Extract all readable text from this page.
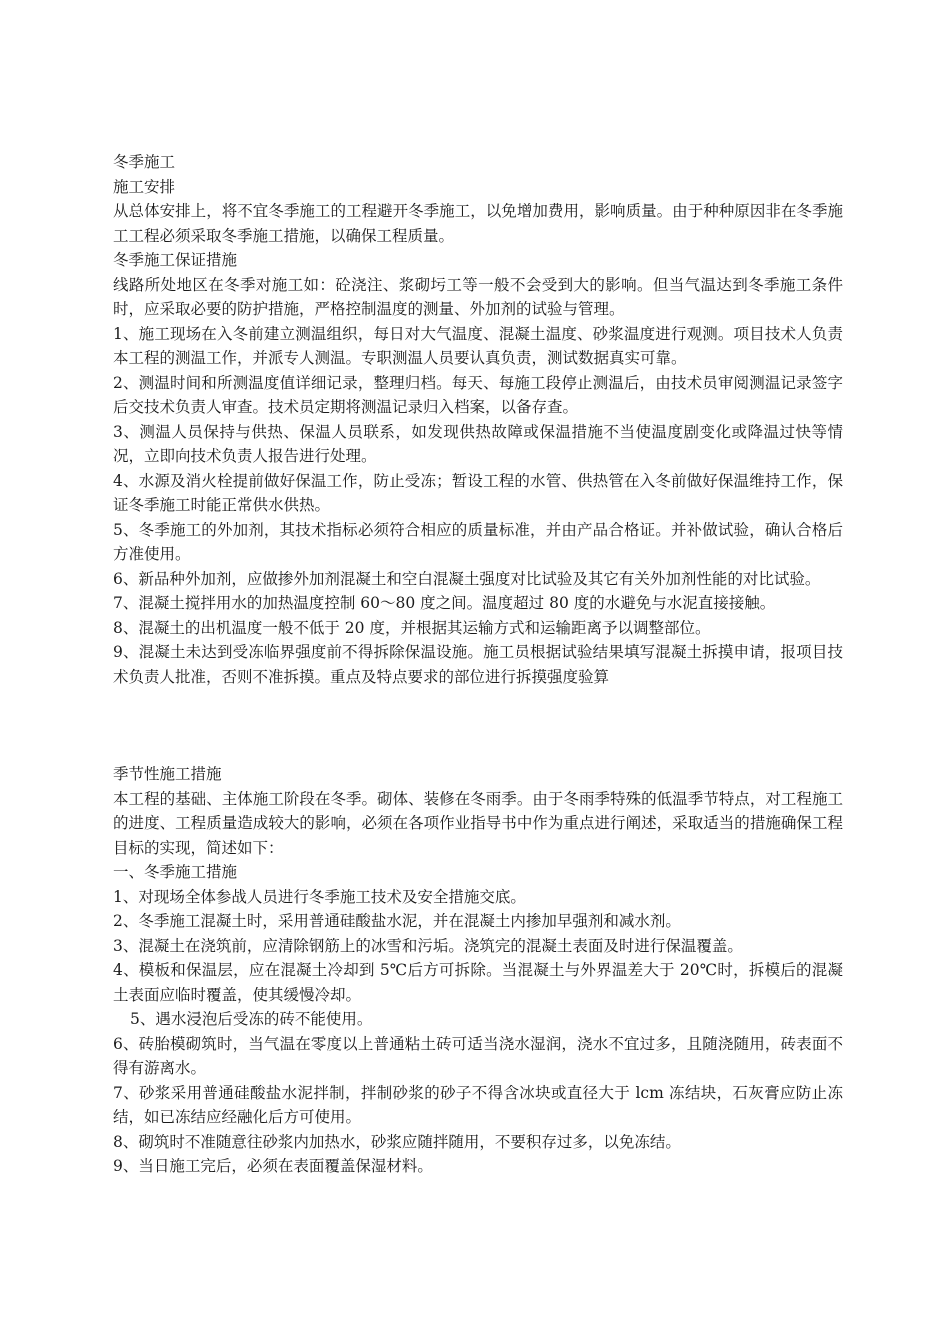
冬季施工
施工安排
从总体安排上，将不宜冬季施工的工程避开冬季施工，以免增加费用，影响质量。由于种种原因非在冬季施工工程必须采取冬季施工措施，以确保工程质量。
冬季施工保证措施
线路所处地区在冬季对施工如：砼浇注、浆砌圬工等一般不会受到大的影响。但当气温达到冬季施工条件时，应采取必要的防护措施，严格控制温度的测量、外加剂的试验与管理。
1、施工现场在入冬前建立测温组织，每日对大气温度、混凝土温度、砂浆温度进行观测。项目技术人负责本工程的测温工作，并派专人测温。专职测温人员要认真负责，测试数据真实可靠。
2、测温时间和所测温度值详细记录，整理归档。每天、每施工段停止测温后，由技术员审阅测温记录签字后交技术负责人审查。技术员定期将测温记录归入档案，以备存查。
3、测温人员保持与供热、保温人员联系，如发现供热故障或保温措施不当使温度剧变化或降温过快等情况，立即向技术负责人报告进行处理。
4、水源及消火栓提前做好保温工作，防止受冻；暂设工程的水管、供热管在入冬前做好保温维持工作，保证冬季施工时能正常供水供热。
5、冬季施工的外加剂，其技术指标必须符合相应的质量标准，并由产品合格证。并补做试验，确认合格后方准使用。
6、新品种外加剂，应做掺外加剂混凝土和空白混凝土强度对比试验及其它有关外加剂性能的对比试验。
7、混凝土搅拌用水的加热温度控制 60～80 度之间。温度超过 80 度的水避免与水泥直接接触。
8、混凝土的出机温度一般不低于 20 度，并根据其运输方式和运输距离予以调整部位。
9、混凝土未达到受冻临界强度前不得拆除保温设施。施工员根据试验结果填写混凝土拆摸申请，报项目技术负责人批准，否则不准拆摸。重点及特点要求的部位进行拆摸强度验算
季节性施工措施
本工程的基础、主体施工阶段在冬季。砌体、装修在冬雨季。由于冬雨季特殊的低温季节特点，对工程施工的进度、工程质量造成较大的影响，必须在各项作业指导书中作为重点进行阐述，采取适当的措施确保工程目标的实现，简述如下：
一、冬季施工措施
1、对现场全体参战人员进行冬季施工技术及安全措施交底。
2、冬季施工混凝土时，采用普通硅酸盐水泥，并在混凝土内掺加早强剂和减水剂。
3、混凝土在浇筑前，应清除钢筋上的冰雪和污垢。浇筑完的混凝土表面及时进行保温覆盖。
4、模板和保温层，应在混凝土冷却到 5℃后方可拆除。当混凝土与外界温差大于 20℃时，拆模后的混凝土表面应临时覆盖，使其缓慢冷却。
5、遇水浸泡后受冻的砖不能使用。
6、砖胎模砌筑时，当气温在零度以上普通粘土砖可适当浇水湿润，浇水不宜过多，且随浇随用，砖表面不得有游离水。
7、砂浆采用普通硅酸盐水泥拌制，拌制砂浆的砂子不得含冰块或直径大于 lcm 冻结块，石灰膏应防止冻结，如已冻结应经融化后方可使用。
8、砌筑时不准随意往砂浆内加热水，砂浆应随拌随用，不要积存过多，以免冻结。
9、当日施工完后，必须在表面覆盖保湿材料。
